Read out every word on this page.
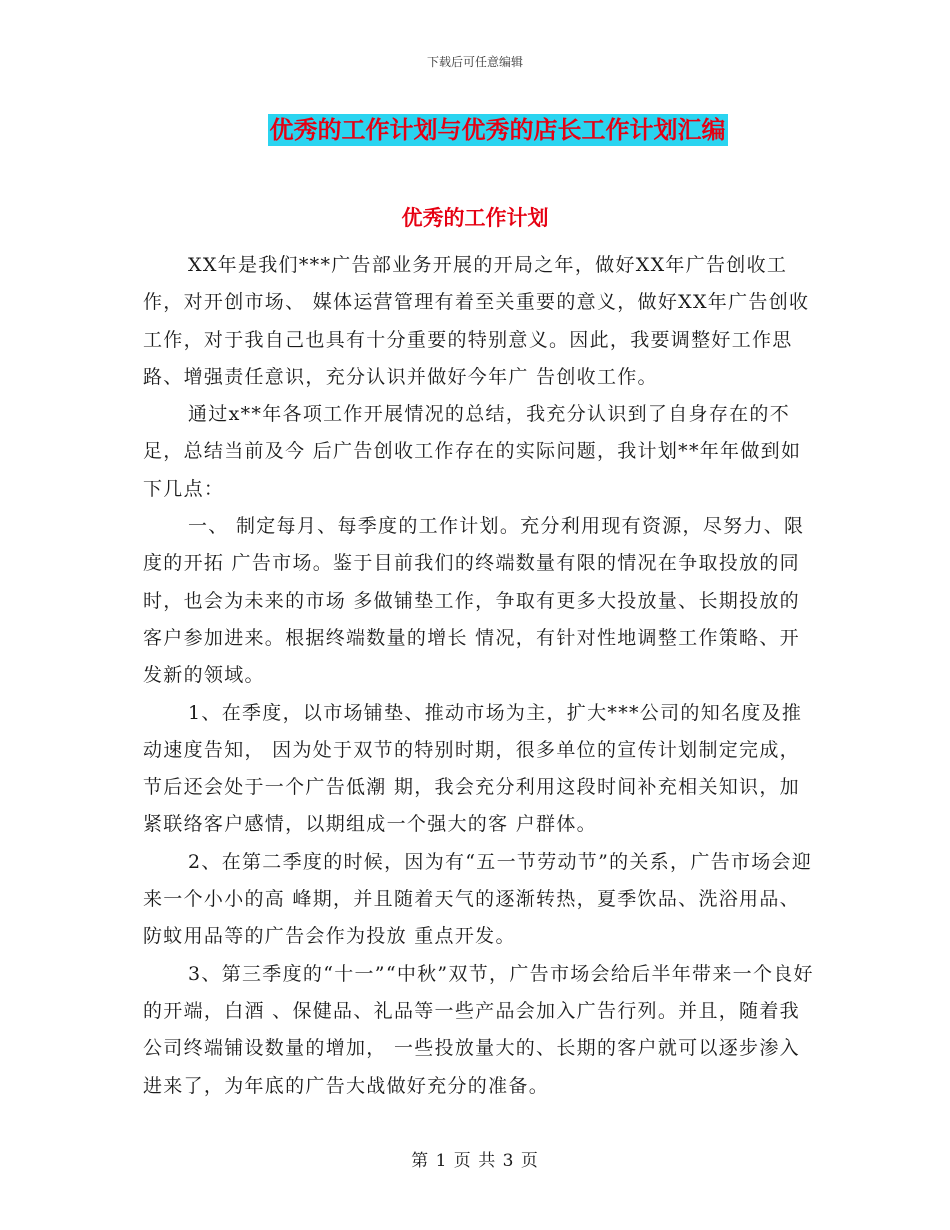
下载后可任意编辑
优秀的工作计划与优秀的店长工作计划汇编
优秀的工作计划

XX年是我们***广告部业务开展的开局之年，做好XX年广告创收工作，对开创市场、 媒体运营管理有着至关重要的意义，做好XX年广告创收工作，对于我自己也具有十分重要的特别意义。因此，我要调整好工作思路、增强责任意识，充分认识并做好今年广 告创收工作。

通过x**年各项工作开展情况的总结，我充分认识到了自身存在的不足，总结当前及今 后广告创收工作存在的实际问题，我计划**年年做到如下几点：

一、 制定每月、每季度的工作计划。充分利用现有资源，尽努力、限度的开拓 广告市场。鉴于目前我们的终端数量有限的情况在争取投放的同时，也会为未来的市场 多做铺垫工作，争取有更多大投放量、长期投放的客户参加进来。根据终端数量的增长 情况，有针对性地调整工作策略、开发新的领域。

1、在季度，以市场铺垫、推动市场为主，扩大***公司的知名度及推动速度告知， 因为处于双节的特别时期，很多单位的宣传计划制定完成，节后还会处于一个广告低潮 期，我会充分利用这段时间补充相关知识，加紧联络客户感情，以期组成一个强大的客 户群体。

2、在第二季度的时候，因为有“五一节劳动节”的关系，广告市场会迎来一个小小的高 峰期，并且随着天气的逐渐转热，夏季饮品、洗浴用品、防蚊用品等的广告会作为投放 重点开发。

3、第三季度的“十一”“中秋”双节，广告市场会给后半年带来一个良好的开端，白酒 、保健品、礼品等一些产品会加入广告行列。并且，随着我公司终端铺设数量的增加， 一些投放量大的、长期的客户就可以逐步渗入进来了，为年底的广告大战做好充分的准备。

第 1 页 共 3 页
